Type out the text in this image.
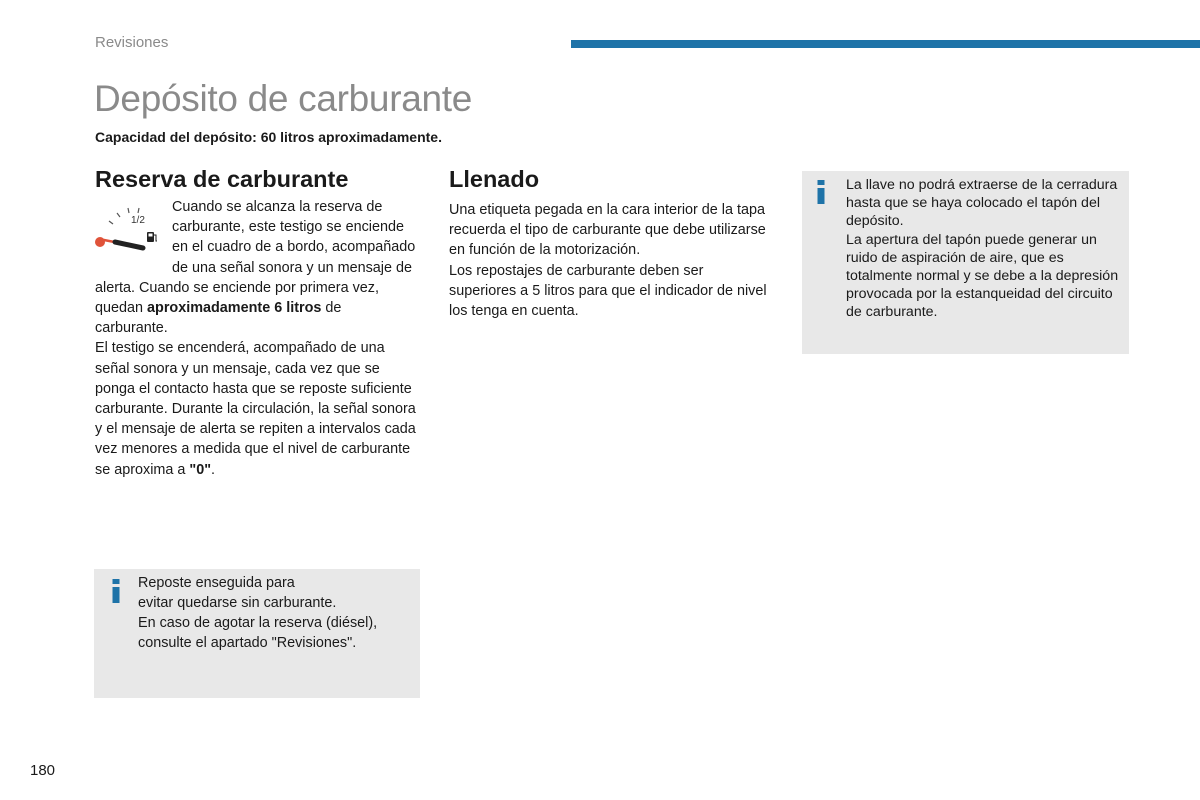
Revisiones
Depósito de carburante

Capacidad del depósito: 60 litros aproximadamente.

Reserva de carburante
1/2
Cuando se alcanza la reserva de carburante, este testigo se enciende en el cuadro de a bordo, acompañado de una señal sonora y un mensaje de alerta. Cuando se enciende por primera vez, quedan aproximadamente 6 litros de carburante.
El testigo se encenderá, acompañado de una señal sonora y un mensaje, cada vez que se ponga el contacto hasta que se reposte suficiente carburante. Durante la circulación, la señal sonora y el mensaje de alerta se repiten a intervalos cada vez menores a medida que el nivel de carburante se aproxima a "0".
Llenado
Una etiqueta pegada en la cara interior de la tapa recuerda el tipo de carburante que debe utilizarse en función de la motorización.
Los repostajes de carburante deben ser superiores a 5 litros para que el indicador de nivel los tenga en cuenta.
Reposte enseguida para
evitar quedarse sin carburante.
En caso de agotar la reserva (diésel), consulte el apartado "Revisiones".
La llave no podrá extraerse de la cerradura hasta que se haya colocado el tapón del depósito.
La apertura del tapón puede generar un ruido de aspiración de aire, que es totalmente normal y se debe a la depresión provocada por la estanqueidad del circuito de carburante.
180
